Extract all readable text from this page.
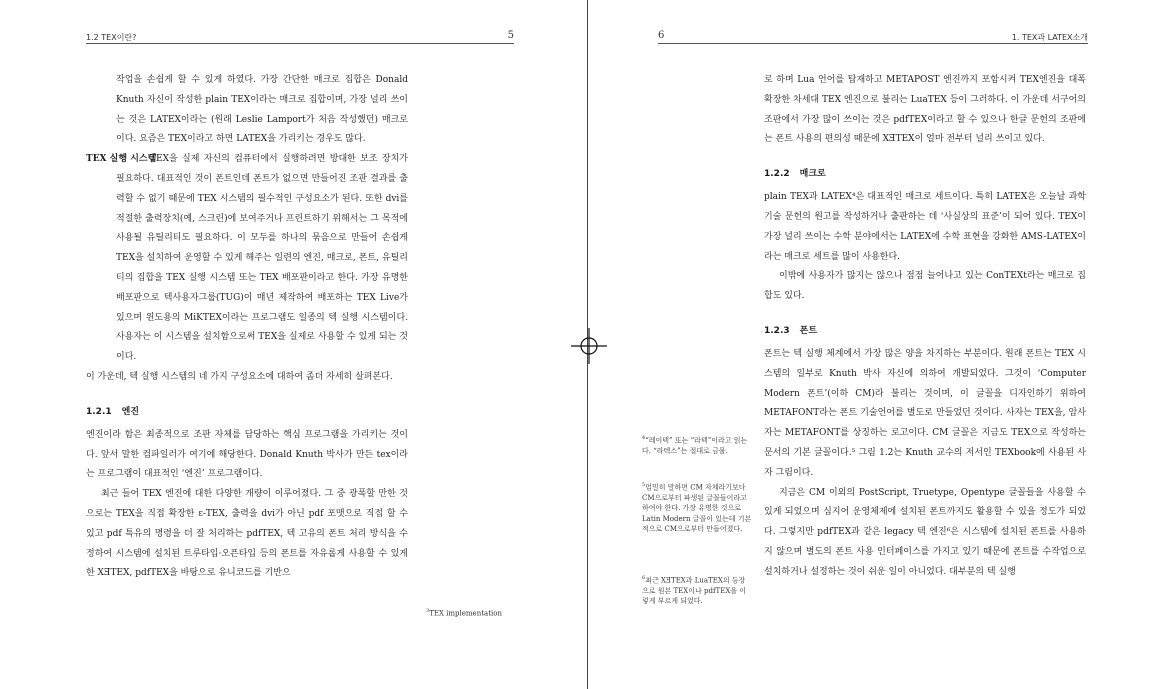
1.2 TEX이란?	5

작업을 손쉽게 할 수 있게 하였다. 가장 간단한 매크로 집합은 Donald Knuth 자신이 작성한 plain TEX이라는 매크로 집합이며, 가장 널리 쓰이는 것은 LATEX이라는 (원래 Leslie Lamport가 처음 작성했던) 매크로이다. 요즘은 TEX이라고 하면 LATEX을 가리키는 경우도 많다.

TEX 실행 시스템
TEX을 실제 자신의 컴퓨터에서 실행하려면 방대한 보조 장치가 필요하다. 대표적인 것이 폰트인데 폰트가 없으면 만들어진 조판 결과를 출력할 수 없기 때문에 TEX 시스템의 필수적인 구성요소가 된다. 또한 dvi를 적절한 출력장치(예, 스크린)에 보여주거나 프린트하기 위해서는 그 목적에 사용될 유틸리티도 필요하다. 이 모두를 하나의 묶음으로 만들어 손쉽게 TEX을 설치하여 운영할 수 있게 해주는 일련의 엔진, 매크로, 폰트, 유틸리티의 집합을 TEX 실행 시스템 또는 TEX 배포판이라고 한다. 가장 유명한 배포판으로 텍사용자그룹(TUG)이 매년 제작하여 배포하는 TEX Live가 있으며 윈도용의 MiKTEX이라는 프로그램도 일종의 텍 실행 시스템이다. 사용자는 이 시스템을 설치함으로써 TEX을 실제로 사용할 수 있게 되는 것이다.

이 가운데, 텍 실행 시스템의 네 가지 구성요소에 대하여 좀더 자세히 살펴본다.

1.2.1 엔진

엔진이라 함은 최종적으로 조판 자체를 담당하는 핵심 프로그램을 가리키는 것이다. 앞서 말한 컴파일러가 여기에 해당한다. Donald Knuth 박사가 만든 tex이라는 프로그램이 대표적인 ‘엔진’ 프로그램이다.

최근 들어 TEX 엔진에 대한 다양한 개량이 이루어졌다. 그 중 광폭할 만한 것으로는 TEX을 직접 확장한 ε-TEX, 출력을 dvi가 아닌 pdf 포맷으로 직접 할 수 있고 pdf 특유의 명령을 더 잘 처리하는 pdfTEX, 텍 고유의 폰트 처리 방식을 수정하여 시스템에 설치된 트루타입·오픈타입 등의 폰트를 자유롭게 사용할 수 있게 한 XƎTEX, pdfTEX을 바탕으로 유니코드를 기반으

$^3$TEX implementation
6	1. TEX과 LATEX소개

로 하며 Lua 언어를 탑재하고 METAPOST 엔진까지 포함시켜 TEX엔진을 대폭 확장한 차세대 TEX 엔진으로 불리는 LuaTEX 등이 그러하다. 이 가운데 서구어의 조판에서 가장 많이 쓰이는 것은 pdfTEX이라고 할 수 있으나 한글 문헌의 조판에는 폰트 사용의 편의성 때문에 XƎTEX이 얼마 전부터 널리 쓰이고 있다.

1.2.2 매크로

plain TEX과 LATEX⁴은 대표적인 매크로 세트이다. 특히 LATEX은 오늘날 과학 기술 문헌의 원고를 작성하거나 출판하는 데 ‘사실상의 표준’이 되어 있다. TEX이 가장 널리 쓰이는 수학 분야에서는 LATEX에 수학 표현을 강화한 AMS-LATEX이라는 매크로 세트를 많이 사용한다.

이밖에 사용자가 많지는 않으나 점점 늘어나고 있는 ConTEXt라는 매크로 집합도 있다.

1.2.3 폰트

폰트는 텍 실행 체계에서 가장 많은 양을 차지하는 부분이다. 원래 폰트는 TEX 시스템의 일부로 Knuth 박사 자신에 의하여 개발되었다. 그것이 ‘Computer Modern 폰트’(이하 CM)라 불리는 것이며, 이 글꼴을 디자인하기 위하여 METAFONT라는 폰트 기술언어를 별도로 만들었던 것이다. 사자는 TEX을, 암사자는 METAFONT를 상징하는 로고이다. CM 글꼴은 지금도 TEX으로 작성하는 문서의 기본 글꼴이다.⁵ 그림 1.2는 Knuth 교수의 저서인 TEXbook에 사용된 사자 그림이다.

지금은 CM 이외의 PostScript, Truetype, Opentype 글꼴들을 사용할 수 있게 되었으며 심지어 운영체제에 설치된 폰트까지도 활용할 수 있을 정도가 되었다. 그렇지만 pdfTEX과 같은 legacy 텍 엔진⁶은 시스템에 설치된 폰트를 사용하지 않으며 별도의 폰트 사용 인터페이스를 가지고 있기 때문에 폰트를 수작업으로 설치하거나 설정하는 것이 쉬운 일이 아니었다. 대부분의 텍 실행

$^4$“레이텍” 또는 “라텍”이라고 읽는다. “라텍스”는 절대로 금물.
$^5$엄밀히 말하면 CM 자체라기보다 CM으로부터 파생된 글꼴들이라고 하여야 한다. 가장 유명한 것으로 Latin Modern 글꼴이 있는데 기본적으로 CM으로부터 만들어졌다.
$^6$최근 XƎTEX과 LuaTEX의 등장으로 원본 TEX이나 pdfTEX을 이렇게 부르게 되었다.
